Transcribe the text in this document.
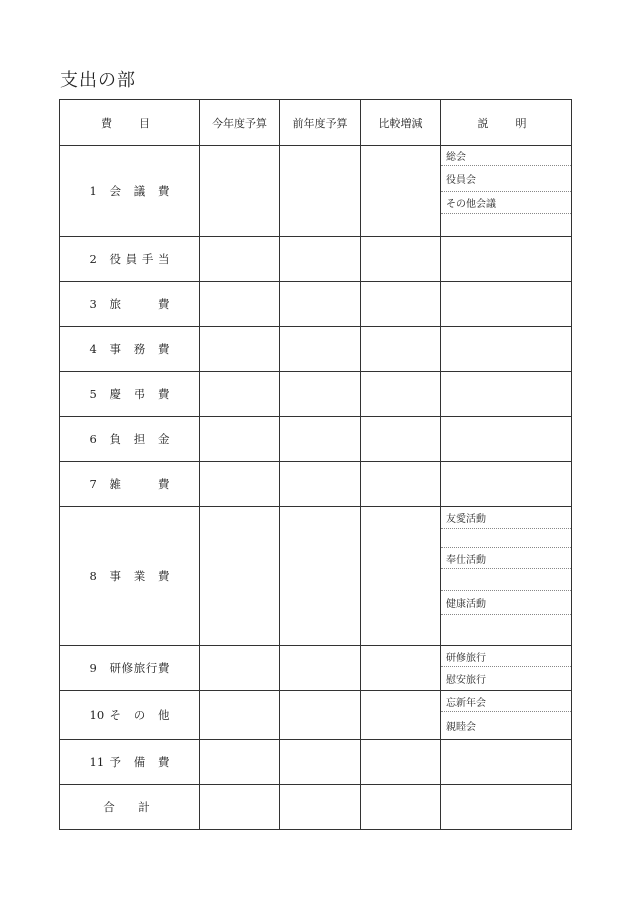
支出の部
費　目	今年度予算	前年度予算	比較増減	説　明
1 会議費				総会
役員会
その他会議

2 役員手当				
3 旅費				
4 事務費				
5 慶弔費				
6 負担金				
7 雑費				
8 事業費				友愛活動
奉仕活動
健康活動

9 研修旅行費				研修旅行
慰安旅行

10 その他				忘新年会
親睦会

11 予備費				
合　計				
